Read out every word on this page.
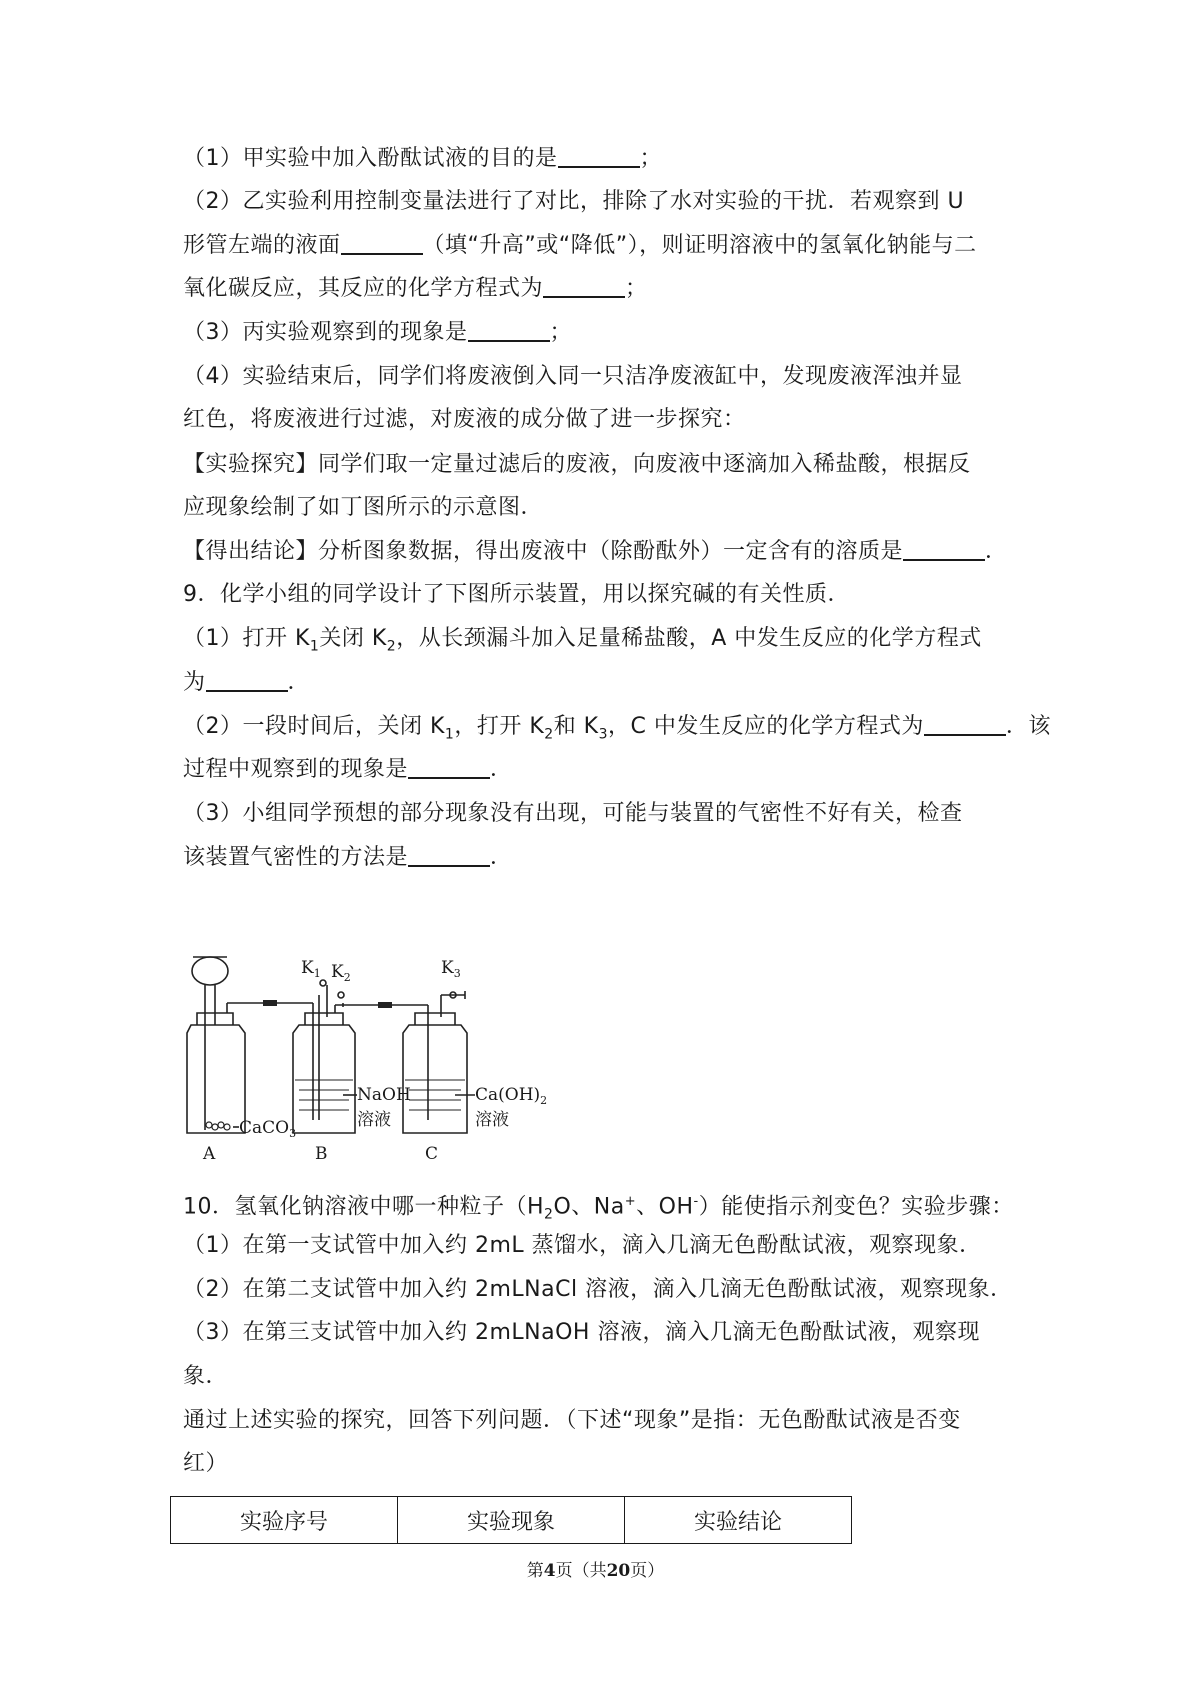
（1）甲实验中加入酚酞试液的目的是	；
（2）乙实验利用控制变量法进行了对比，排除了水对实验的干扰．若观察到 U
形管左端的液面	（填“升高”或“降低”），则证明溶液中的氢氧化钠能与二
氧化碳反应，其反应的化学方程式为	；
（3）丙实验观察到的现象是	；
（4）实验结束后，同学们将废液倒入同一只洁净废液缸中，发现废液浑浊并显
红色，将废液进行过滤，对废液的成分做了进一步探究：
【实验探究】同学们取一定量过滤后的废液，向废液中逐滴加入稀盐酸，根据反
应现象绘制了如丁图所示的示意图．
【得出结论】分析图象数据，得出废液中（除酚酞外）一定含有的溶质是	．
9．化学小组的同学设计了下图所示装置，用以探究碱的有关性质．
（1）打开 $K_1$关闭 $K_2$，从长颈漏斗加入足量稀盐酸，A 中发生反应的化学方程式
为	．
（2）一段时间后，关闭 $K_1$，打开 $K_2$和 $K_3$，C 中发生反应的化学方程式为	．该
过程中观察到的现象是	．
（3）小组同学预想的部分现象没有出现，可能与装置的气密性不好有关，检查
该装置气密性的方法是	．
$K_1$ $K_2$	$K_3$
CaCO$_3$
NaOH
溶液
$Ca(OH)_2$
溶液
A	B	C
10．氢氧化钠溶液中哪一种粒子（$H_2O$、Na+、OH-）能使指示剂变色？实验步骤：
（1）在第一支试管中加入约 2mL 蒸馏水，滴入几滴无色酚酞试液，观察现象．
（2）在第二支试管中加入约 2mLNaCl 溶液，滴入几滴无色酚酞试液，观察现象．
（3）在第三支试管中加入约 2mLNaOH 溶液，滴入几滴无色酚酞试液，观察现
象．
通过上述实验的探究，回答下列问题．（下述“现象”是指：无色酚酞试液是否变
红）
实验序号	实验现象	实验结论
第4页（共20页）
